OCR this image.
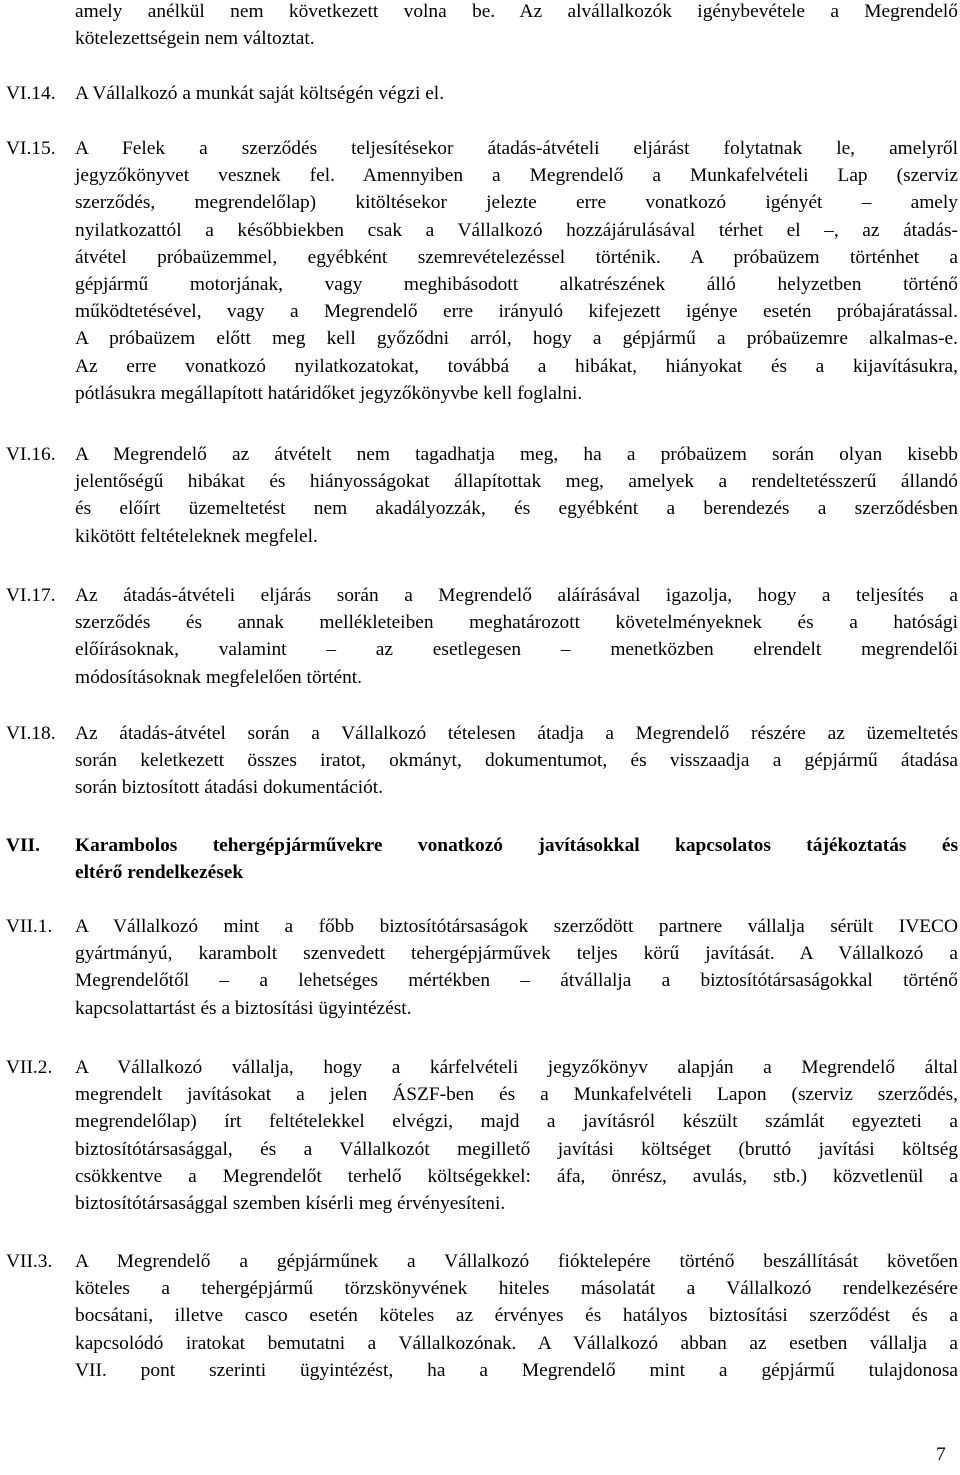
7
amely anélkül nem következett volna be. Az alvállalkozók igénybevétele a Megrendelő
kötelezettségein nem változtat.
VI.14. A Vállalkozó a munkát saját költségén végzi el.
VI.15. A Felek a szerződés teljesítésekor átadás-átvételi eljárást folytatnak le, amelyről
jegyzőkönyvet vesznek fel. Amennyiben a Megrendelő a Munkafelvételi Lap (szerviz
szerződés, megrendelőlap) kitöltésekor jelezte erre vonatkozó igényét – amely
nyilatkozattól a későbbiekben csak a Vállalkozó hozzájárulásával térhet el –, az átadás-
átvétel próbaüzemmel, egyébként szemrevételezéssel történik. A próbaüzem történhet a
gépjármű motorjának, vagy meghibásodott alkatrészének álló helyzetben történő
működtetésével, vagy a Megrendelő erre irányuló kifejezett igénye esetén próbajáratással.
A próbaüzem előtt meg kell győződni arról, hogy a gépjármű a próbaüzemre alkalmas-e.
Az erre vonatkozó nyilatkozatokat, továbbá a hibákat, hiányokat és a kijavításukra,
pótlásukra megállapított határidőket jegyzőkönyvbe kell foglalni.
VI.16. A Megrendelő az átvételt nem tagadhatja meg, ha a próbaüzem során olyan kisebb
jelentőségű hibákat és hiányosságokat állapítottak meg, amelyek a rendeltetésszerű állandó
és előírt üzemeltetést nem akadályozzák, és egyébként a berendezés a szerződésben
kikötött feltételeknek megfelel.
VI.17. Az átadás-átvételi eljárás során a Megrendelő aláírásával igazolja, hogy a teljesítés a
szerződés és annak mellékleteiben meghatározott követelményeknek és a hatósági
előírásoknak, valamint – az esetlegesen – menetközben elrendelt megrendelői
módosításoknak megfelelően történt.
VI.18. Az átadás-átvétel során a Vállalkozó tételesen átadja a Megrendelő részére az üzemeltetés
során keletkezett összes iratot, okmányt, dokumentumot, és visszaadja a gépjármű átadása
során biztosított átadási dokumentációt.
VII. Karambolos tehergépjárművekre vonatkozó javításokkal kapcsolatos tájékoztatás és
eltérő rendelkezések
VII.1. A Vállalkozó mint a főbb biztosítótársaságok szerződött partnere vállalja sérült IVECO
gyártmányú, karambolt szenvedett tehergépjárművek teljes körű javítását. A Vállalkozó a
Megrendelőtől – a lehetséges mértékben – átvállalja a biztosítótársaságokkal történő
kapcsolattartást és a biztosítási ügyintézést.
VII.2. A Vállalkozó vállalja, hogy a kárfelvételi jegyzőkönyv alapján a Megrendelő által
megrendelt javításokat a jelen ÁSZF-ben és a Munkafelvételi Lapon (szerviz szerződés,
megrendelőlap) írt feltételekkel elvégzi, majd a javításról készült számlát egyezteti a
biztosítótársasággal, és a Vállalkozót megillető javítási költséget (bruttó javítási költség
csökkentve a Megrendelőt terhelő költségekkel: áfa, önrész, avulás, stb.) közvetlenül a
biztosítótársasággal szemben kísérli meg érvényesíteni.
VII.3. A Megrendelő a gépjárműnek a Vállalkozó fióktelepére történő beszállítását követően
köteles a tehergépjármű törzskönyvének hiteles másolatát a Vállalkozó rendelkezésére
bocsátani, illetve casco esetén köteles az érvényes és hatályos biztosítási szerződést és a
kapcsolódó iratokat bemutatni a Vállalkozónak. A Vállalkozó abban az esetben vállalja a
VII. pont szerinti ügyintézést, ha a Megrendelő mint a gépjármű tulajdonosa
